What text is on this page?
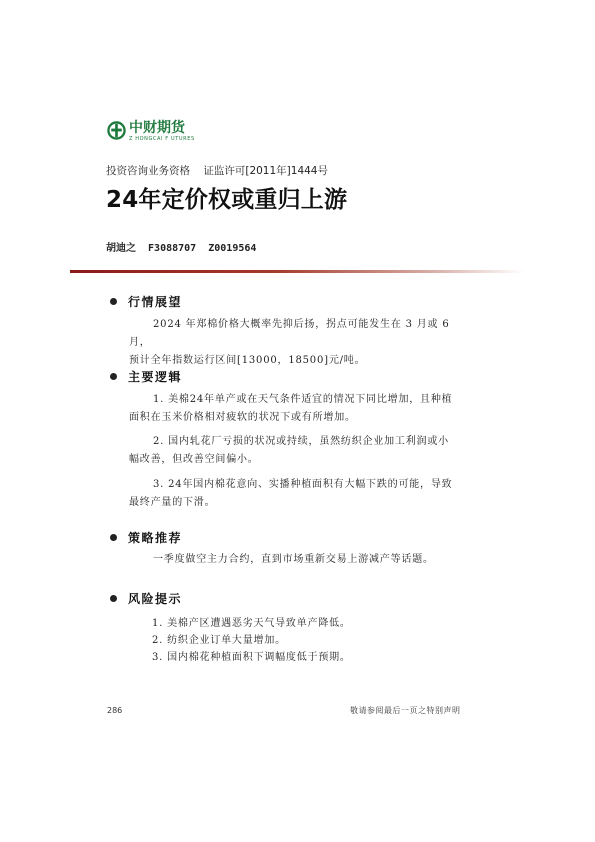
中财期货
Z HONGCAI F UTURES
投资咨询业务资格    证监许可[2011年]1444号
24年定价权或重归上游
胡迪之 F3088707 Z0019564
行情展望

2024 年郑棉价格大概率先抑后扬，拐点可能发生在 3 月或 6 月，

预计全年指数运行区间[13000，18500]元/吨。

主要逻辑

1. 美棉24年单产或在天气条件适宜的情况下同比增加，且种植

面积在玉米价格相对疲软的状况下或有所增加。

2. 国内轧花厂亏损的状况或持续，虽然纺织企业加工利润或小

幅改善，但改善空间偏小。

3. 24年国内棉花意向、实播种植面积有大幅下跌的可能，导致

最终产量的下滑。

策略推荐

一季度做空主力合约，直到市场重新交易上游减产等话题。

风险提示
1. 美棉产区遭遇恶劣天气导致单产降低。
2. 纺织企业订单大量增加。
3. 国内棉花种植面积下调幅度低于预期。
286	敬请参阅最后一页之特别声明
